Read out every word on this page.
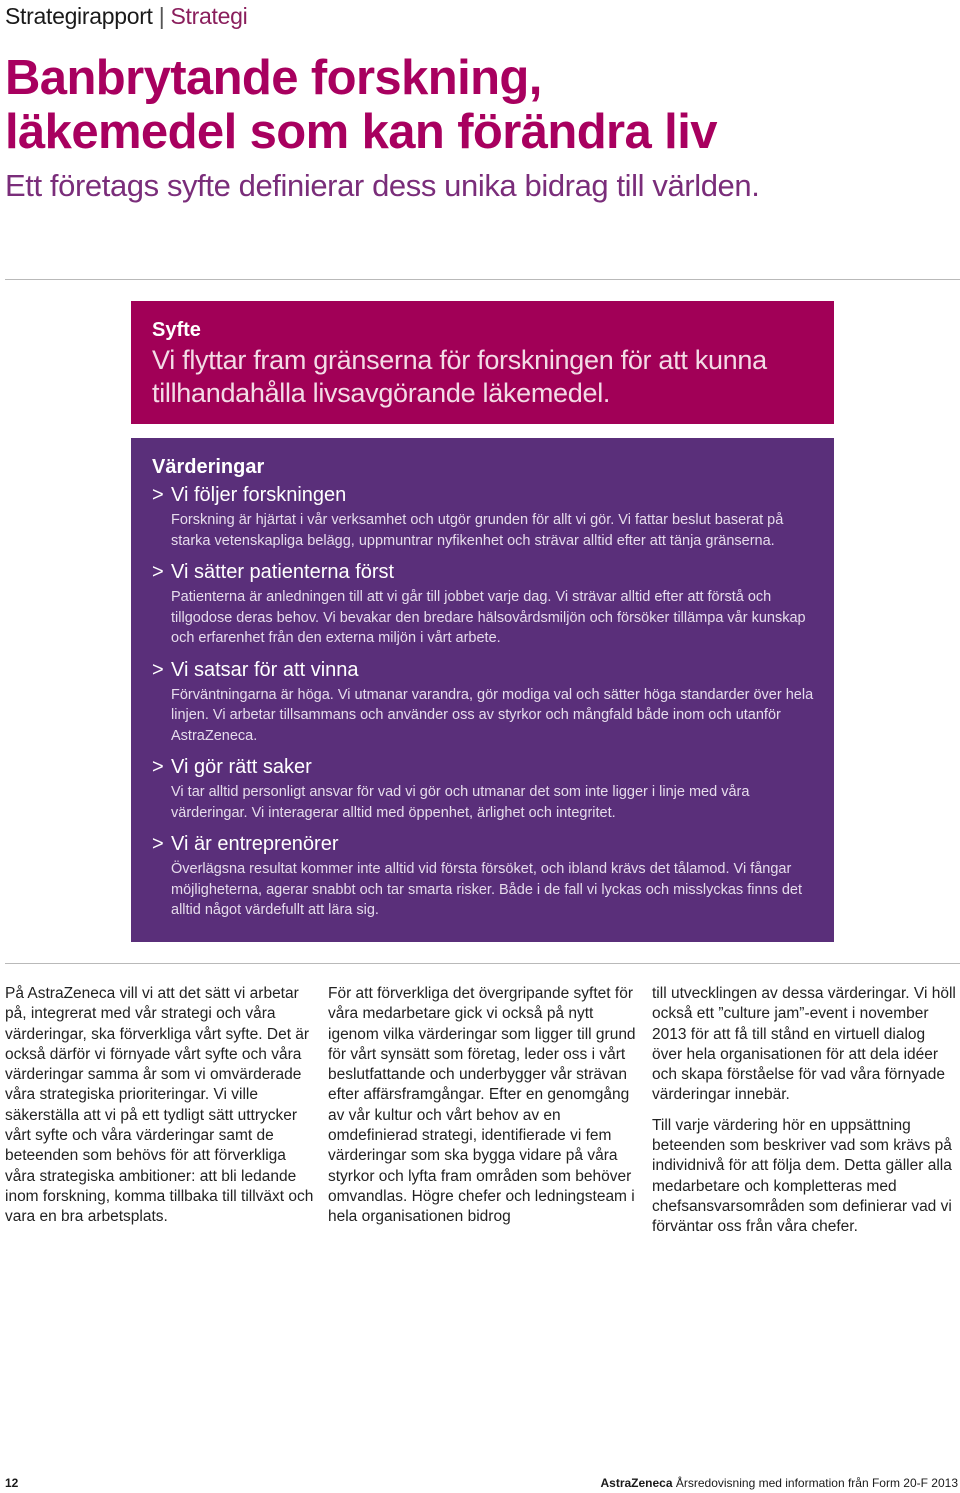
Strategirapport | Strategi
Banbrytande forskning,
läkemedel som kan förändra liv
Ett företags syfte definierar dess unika bidrag till världen.
Syfte
Vi flyttar fram gränserna för forskningen för att kunna
tillhandahålla livsavgörande läkemedel.
Värderingar
> Vi följer forskningen
Forskning är hjärtat i vår verksamhet och utgör grunden för allt vi gör. Vi fattar beslut baserat på starka vetenskapliga belägg, uppmuntrar nyfikenhet och strävar alltid efter att tänja gränserna.
> Vi sätter patienterna först
Patienterna är anledningen till att vi går till jobbet varje dag. Vi strävar alltid efter att förstå och tillgodose deras behov. Vi bevakar den bredare hälsovårdsmiljön och försöker tillämpa vår kunskap och erfarenhet från den externa miljön i vårt arbete.
> Vi satsar för att vinna
Förväntningarna är höga. Vi utmanar varandra, gör modiga val och sätter höga standarder över hela linjen. Vi arbetar tillsammans och använder oss av styrkor och mångfald både inom och utanför AstraZeneca.
> Vi gör rätt saker
Vi tar alltid personligt ansvar för vad vi gör och utmanar det som inte ligger i linje med våra värderingar. Vi interagerar alltid med öppenhet, ärlighet och integritet.
> Vi är entreprenörer
Överlägsna resultat kommer inte alltid vid första försöket, och ibland krävs det tålamod. Vi fångar möjligheterna, agerar snabbt och tar smarta risker. Både i de fall vi lyckas och misslyckas finns det alltid något värdefullt att lära sig.

På AstraZeneca vill vi att det sätt vi arbetar på, integrerat med vår strategi och våra värderingar, ska förverkliga vårt syfte. Det är också därför vi förnyade vårt syfte och våra värderingar samma år som vi omvärderade våra strategiska prioriteringar. Vi ville säkerställa att vi på ett tydligt sätt uttrycker vårt syfte och våra värderingar samt de beteenden som behövs för att förverkliga våra strategiska ambitioner: att bli ledande inom forskning, komma tillbaka till tillväxt och vara en bra arbetsplats.

För att förverkliga det övergripande syftet för våra medarbetare gick vi också på nytt igenom vilka värderingar som ligger till grund för vårt synsätt som företag, leder oss i vårt beslutfattande och underbygger vår strävan efter affärsframgångar. Efter en genomgång av vår kultur och vårt behov av en omdefinierad strategi, identifierade vi fem värderingar som ska bygga vidare på våra styrkor och lyfta fram områden som behöver omvandlas. Högre chefer och ledningsteam i hela organisationen bidrog

till utvecklingen av dessa värderingar. Vi höll också ett ”culture jam”-event i november 2013 för att få till stånd en virtuell dialog över hela organisationen för att dela idéer och skapa förståelse för vad våra förnyade värderingar innebär.

Till varje värdering hör en uppsättning beteenden som beskriver vad som krävs på individnivå för att följa dem. Detta gäller alla medarbetare och kompletteras med chefsansvarsområden som definierar vad vi förväntar oss från våra chefer.

12	AstraZeneca Årsredovisning med information från Form 20-F 2013
